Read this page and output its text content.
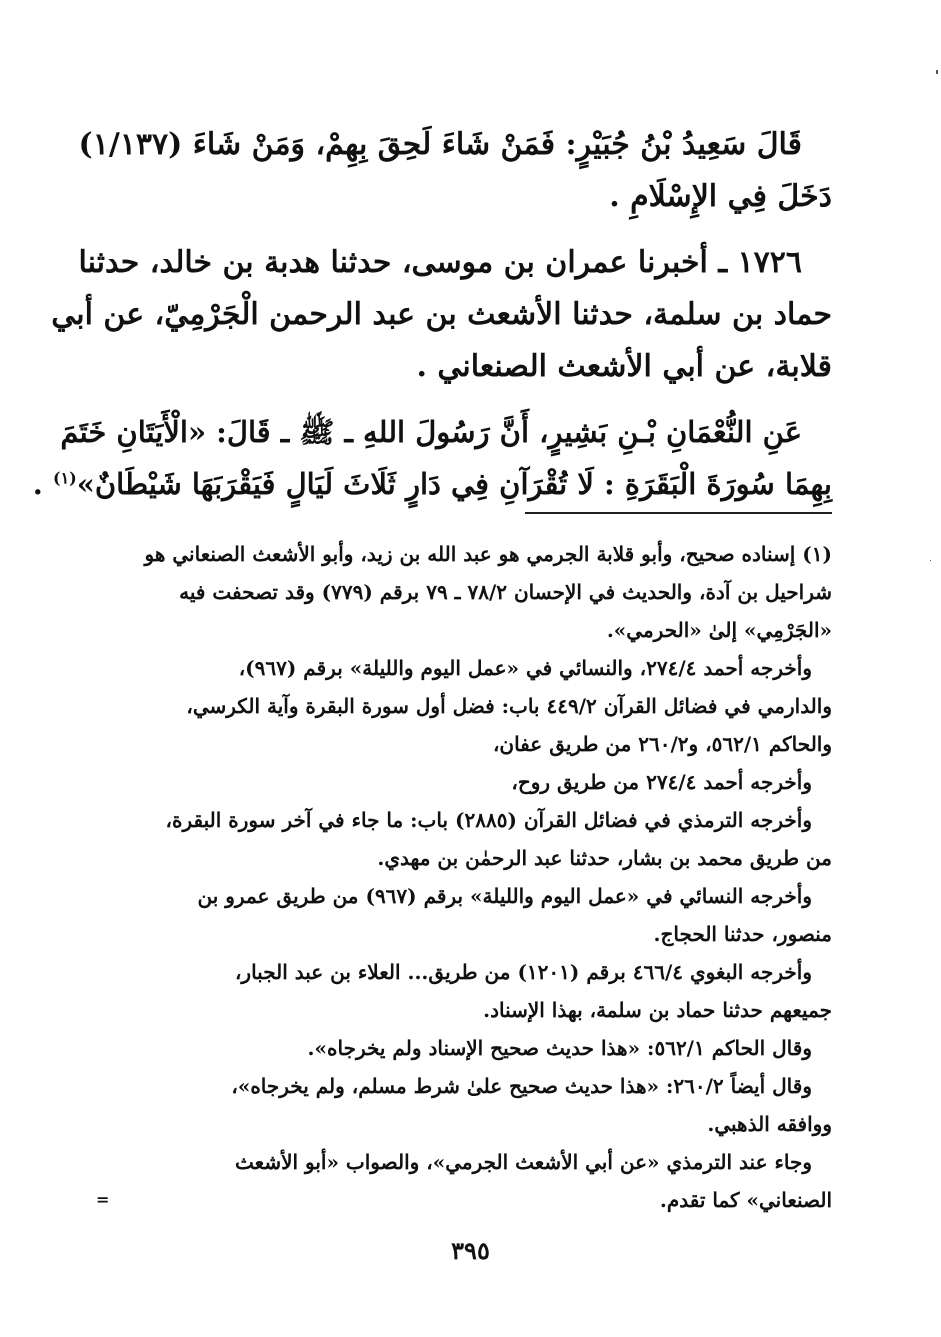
قَالَ سَعِيدُ بْنُ جُبَيْرٍ: فَمَنْ شَاءَ لَحِقَ بِهِمْ، وَمَنْ شَاءَ (١/١٣٧)
دَخَلَ فِي الإِسْلَامِ .
١٧٢٦ ـ أخبرنا عمران بن موسى، حدثنا هدبة بن خالد، حدثنا
حماد بن سلمة، حدثنا الأشعث بن عبد الرحمن الْجَرْمِيّ، عن أبي
قلابة، عن أبي الأشعث الصنعاني .
عَنِ النُّعْمَانِ بْـنِ بَشِيرٍ، أَنَّ رَسُولَ اللهِ ـ ﷺ ـ قَالَ: «الْأَيَتَانِ خَتَمَ
بِهِمَا سُورَةَ الْبَقَرَةِ : لَا تُقْرَآنِ فِي دَارٍ ثَلَاثَ لَيَالٍ فَيَقْرَبَهَا شَيْطَانٌ»$^{(١)}$ .
(١) إسناده صحيح، وأبو قلابة الجرمي هو عبد الله بن زيد، وأبو الأشعث الصنعاني هو
شراحيل بن آدة، والحديث في الإحسان ٧٨/٢ ـ ٧٩ برقم (٧٧٩) وقد تصحفت فيه
«الجَرْمِي» إلىٰ «الحرمي».
وأخرجه أحمد ٢٧٤/٤، والنسائي في «عمل اليوم والليلة» برقم (٩٦٧)،
والدارمي في فضائل القرآن ٤٤٩/٢ باب: فضل أول سورة البقرة وآية الكرسي،
والحاكم ٥٦٢/١، و٢٦٠/٢ من طريق عفان،
وأخرجه أحمد ٢٧٤/٤ من طريق روح،
وأخرجه الترمذي في فضائل القرآن (٢٨٨٥) باب: ما جاء في آخر سورة البقرة،
من طريق محمد بن بشار، حدثنا عبد الرحمٰن بن مهدي.
وأخرجه النسائي في «عمل اليوم والليلة» برقم (٩٦٧) من طريق عمرو بن
منصور، حدثنا الحجاج.
وأخرجه البغوي ٤٦٦/٤ برقم (١٢٠١) من طريق... العلاء بن عبد الجبار،
جميعهم حدثنا حماد بن سلمة، بهذا الإسناد.
وقال الحاكم ٥٦٢/١: «هذا حديث صحيح الإسناد ولم يخرجاه».
وقال أيضاً ٢٦٠/٢: «هذا حديث صحيح علىٰ شرط مسلم، ولم يخرجاه»،
ووافقه الذهبي.
وجاء عند الترمذي «عن أبي الأشعث الجرمي»، والصواب «أبو الأشعث
الصنعاني» كما تقدم.
=
٣٩٥
